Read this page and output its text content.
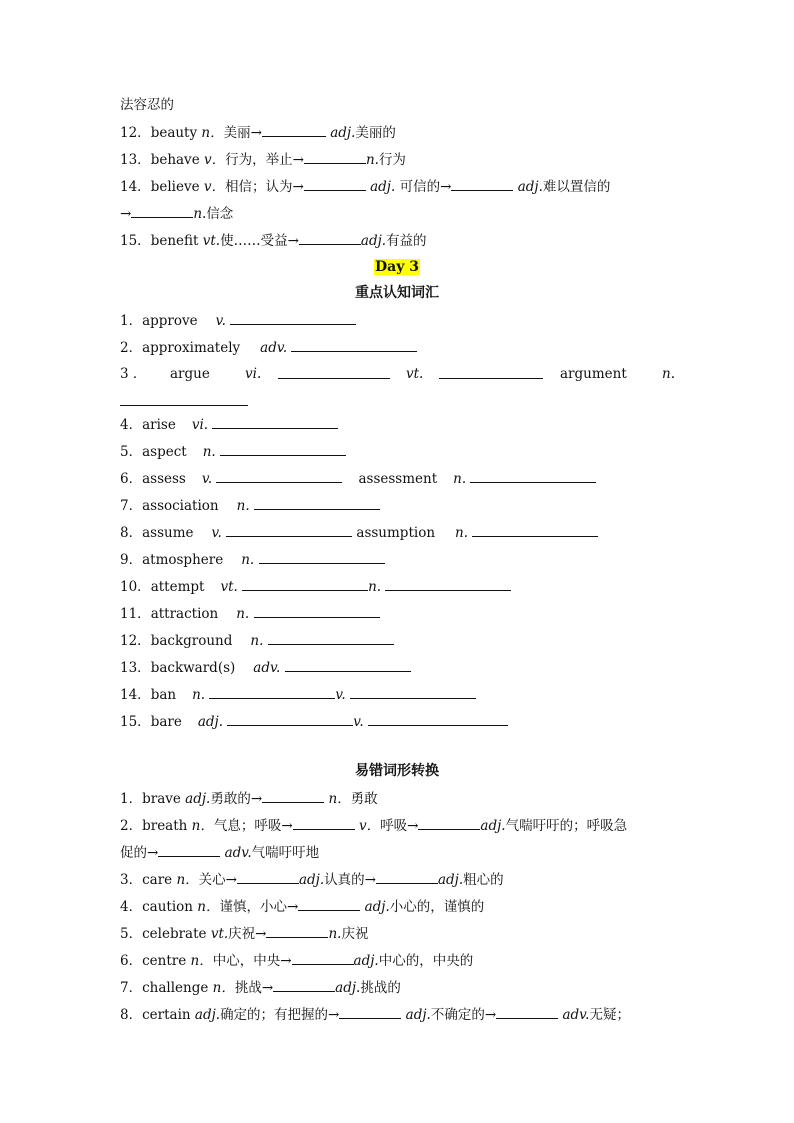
法容忍的
12．beauty n．美丽→	adj.美丽的
13．behave v．行为，举止→	n.行为
14．believe v．相信；认为→	adj. 可信的→	adj.难以置信的
→	n.信念
15．benefit vt.使……受益→	adj.有益的
Day 3
重点认知词汇
1．approve v.
2．approximately adv.
3 ． argue	vi.	vt.	argument	n.
4．arise vi.
5．aspect n.
6．assess v.	assessment n.
7．association n.
8．assume v.	assumption n.
9．atmosphere n.
10．attempt vt.	n.
11．attraction n.
12．background n.
13．backward(s) adv.
14．ban n.	v.
15．bare adj.	v.
易错词形转换
1．brave adj.勇敢的→	n．勇敢
2．breath n．气息；呼吸→	v．呼吸→	adj.气喘吁吁的；呼吸急
促的→	adv.气喘吁吁地
3．care n．关心→	adj.认真的→	adj.粗心的
4．caution n．谨慎，小心→	adj.小心的，谨慎的
5．celebrate vt.庆祝→	n.庆祝
6．centre n．中心，中央→	adj.中心的，中央的
7．challenge n．挑战→	adj.挑战的
8．certain adj.确定的；有把握的→	adj.不确定的→	adv.无疑；
